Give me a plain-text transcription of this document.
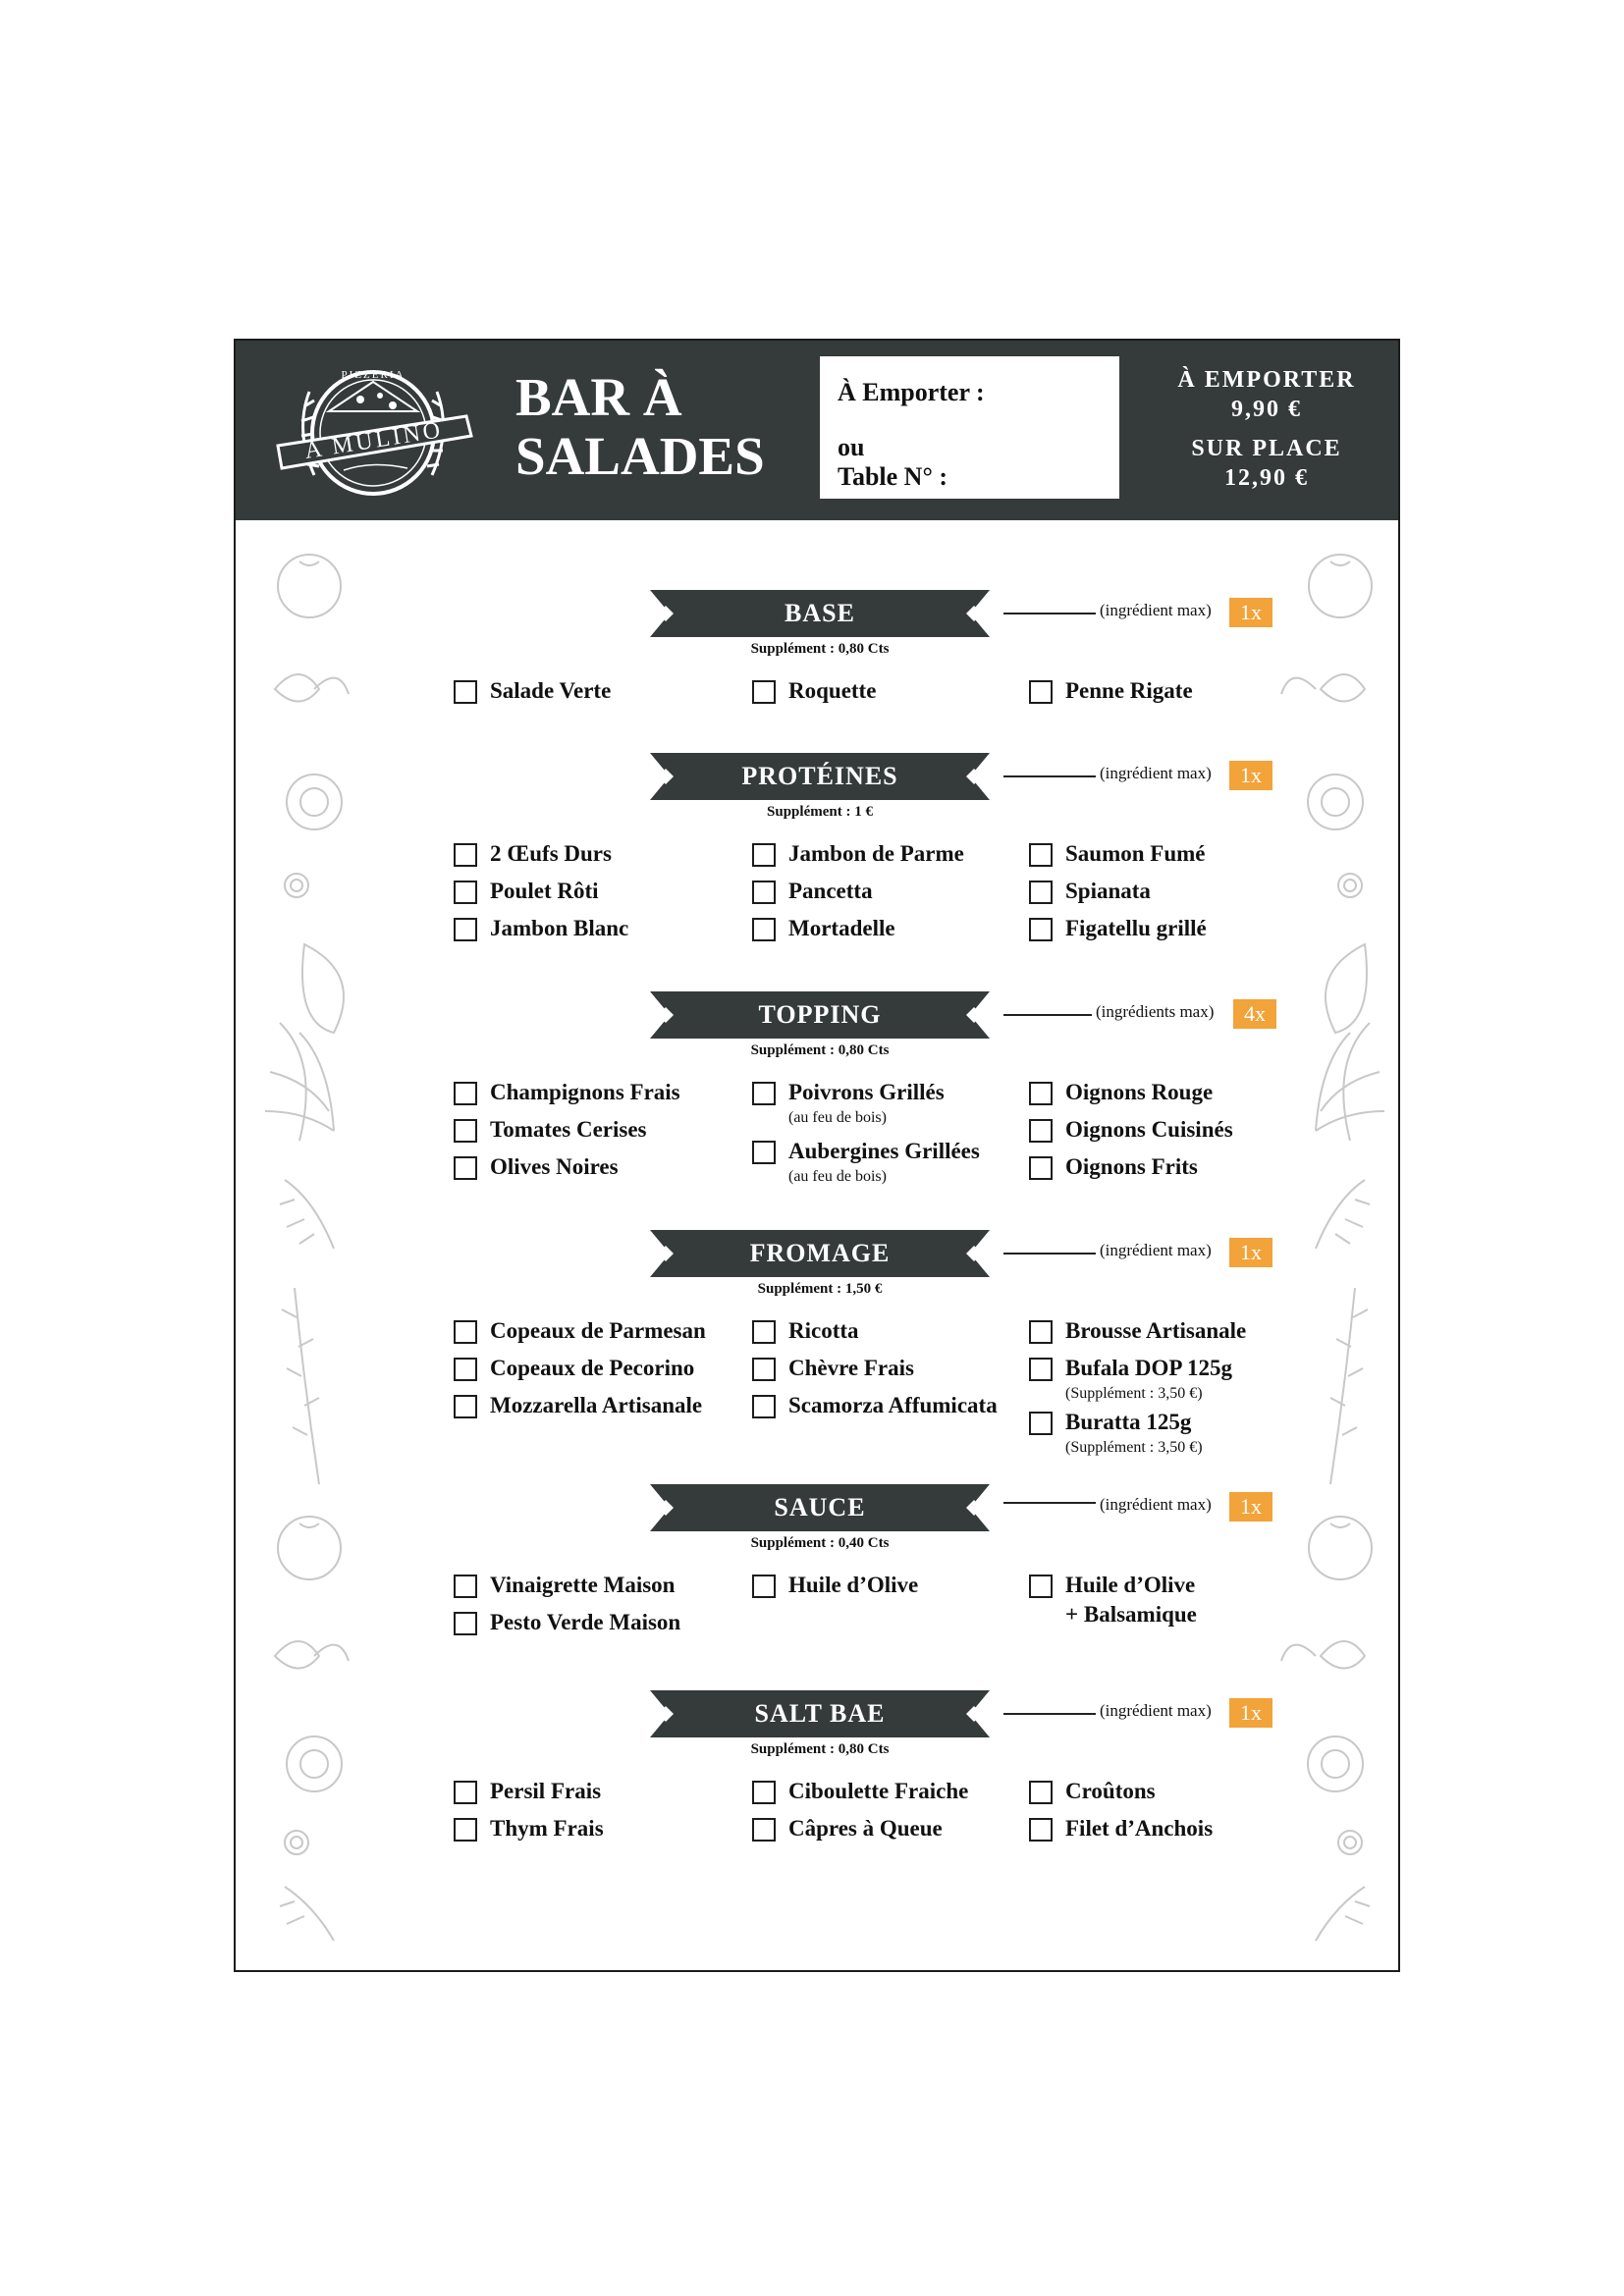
PIZZERIA
A MULINO
BAR À
SALADES
À Emporter :
ou
Table N° :
À EMPORTER
9,90 €
SUR PLACE
12,90 €
BASE
Supplément : 0,80 Cts
(ingrédient max)	1x
Salade Verte	Roquette	Penne Rigate
PROTÉINES
Supplément : 1 €
(ingrédient max)	1x
2 Œufs Durs
Poulet Rôti
Jambon Blanc
Jambon de Parme
Pancetta
Mortadelle
Saumon Fumé
Spianata
Figatellu grillé
TOPPING
Supplément : 0,80 Cts
(ingrédients max)	4x
Champignons Frais
Tomates Cerises
Olives Noires
Poivrons Grillés
(au feu de bois)
Aubergines Grillées
(au feu de bois)
Oignons Rouge
Oignons Cuisinés
Oignons Frits
FROMAGE
Supplément : 1,50 €
(ingrédient max)	1x
Copeaux de Parmesan
Copeaux de Pecorino
Mozzarella Artisanale
Ricotta
Chèvre Frais
Scamorza Affumicata
Brousse Artisanale
Bufala DOP 125g
(Supplément : 3,50 €)
Buratta 125g
(Supplément : 3,50 €)
SAUCE
Supplément : 0,40 Cts
(ingrédient max)	1x
Vinaigrette Maison
Pesto Verde Maison
Huile d’Olive	Huile d’Olive
+ Balsamique
SALT BAE
Supplément : 0,80 Cts
(ingrédient max)	1x
Persil Frais
Thym Frais
Ciboulette Fraiche
Câpres à Queue
Croûtons
Filet d’Anchois
